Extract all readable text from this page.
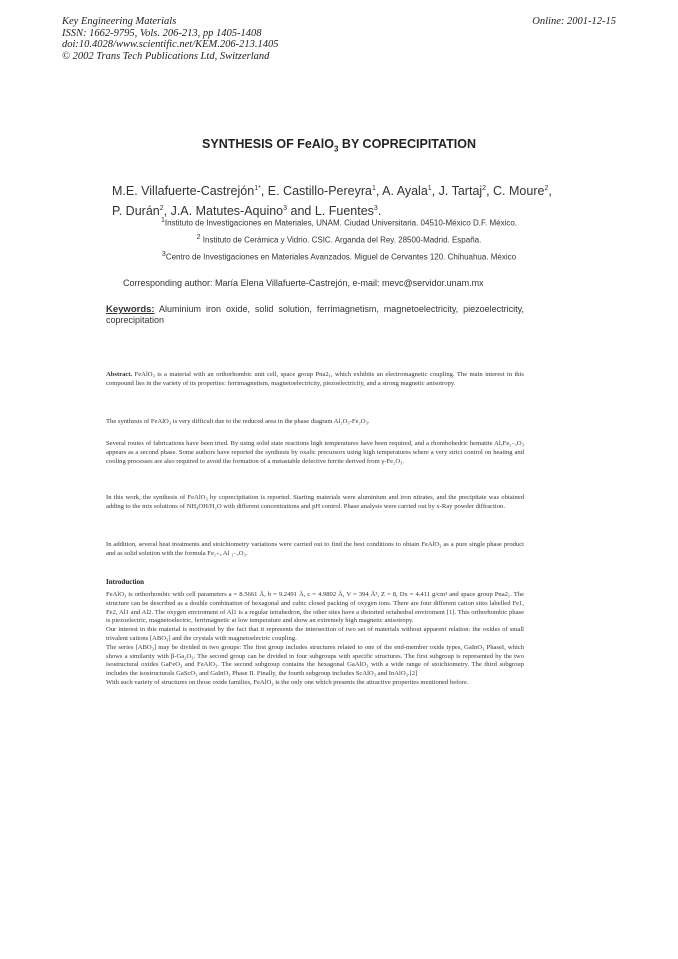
Key Engineering Materials
ISSN: 1662-9795, Vols. 206-213, pp 1405-1408
doi:10.4028/www.scientific.net/KEM.206-213.1405
© 2002 Trans Tech Publications Ltd, Switzerland
Online: 2001-12-15
SYNTHESIS OF FeAlO$_3$ BY COPRECIPITATION
M.E. Villafuerte-Castrejón$^{1*}$, E. Castillo-Pereyra$^1$, A. Ayala$^1$, J. Tartaj$^2$, C. Moure$^2$, P. Durán$^2$, J.A. Matutes-Aquino$^3$ and L. Fuentes$^3$.
$^1$Instituto de Investigaciones en Materiales, UNAM. Ciudad Universitaria. 04510-México D.F. México.
$^2$ Instituto de Cerámica y Vidrio. CSIC. Arganda del Rey. 28500-Madrid. España.
$^3$Centro de Investigaciones en Materiales Avanzados. Miguel de Cervantes 120. Chihuahua. México
Corresponding author: María Elena Villafuerte-Castrejón, e-mail: mevc@servidor.unam.mx
Keywords: Aluminium iron oxide, solid solution, ferrimagnetism, magnetoelectricity, piezoelectricity, coprecipitation

Abstract. FeAlO₃ is a material with an orthorhombic unit cell, space group Pna2₁, which exhibits an electromagnetic coupling. The main interest in this compound lies in the variety of its properties: ferrimagnetism, magnetoelectricity, piezoelectricity, and a strong magnetic anisotropy.

The synthesis of FeAlO₃ is very difficult due to the reduced area in the phase diagram Al₂O₃-Fe₂O₃.

Several routes of fabrications have been tried. By using solid state reactions high temperatures have been required, and a rhombohedric hematite AlₓFe₂₋ₓO₃ appears as a second phase. Some authors have reported the synthesis by oxalic precursors using high temperatures where a very strict control on heating and cooling processes are also required to avoid the formation of a metastable defective ferrite derived from γ-Fe₂O₃.

In this work, the synthesis of FeAlO₃ by coprecipitation is reported. Starting materials were aluminium and iron nitrates, and the precipitate was obtained adding to the mix solutions of NH₄OH/H₂O with different concentrations and pH control. Phase analysis were carried out by x-Ray powder diffraction.

In addition, several heat treatments and stoichiometry variations were carried out to find the best conditions to obtain FeAlO₃ as a pure single phase product and as solid solution with the formula Fe₁₊ₓ Al ₁₋ₓO₃.

Introduction

FeAlO₃ is orthorhombic with cell parameters a = 8.5661 Å, b = 9.2491 Å, c = 4.9892 Å, V = 394 Å³, Z = 8, Dx = 4.411 g/cm³ and space group Pna2₁. The structure can be described as a double combination of hexagonal and cubic closed packing of oxygen ions. There are four different cation sites labelled Fe1, Fe2, Al1 and Al2. The oxygen enviroment of Al1 is a regular tetrahedron, the other sites have a distorted octahedral enviroment [1]. This orthorhombic phase is piezoelectric, magnetoelectric, ferrimagnetic at low temperature and show an extremely high magnetic anisotropy.

Our interest in this material is motivated by the fact that it represents the intersection of two set of materials without apparent relation: the oxides of small trivalent cations [ABO₃] and the crystals with magnetoelectric coupling.

The series [ABO₃] may be divided in two groups: The first group includes structures related to one of the end-member oxide types, GaInO₃ PhaseI, which shows a similarity with β-Ga₂O₃. The second group can be divided in four subgroups with specific structures. The first subgroup is represented by the two isostructural oxides GaFeO₃ and FeAlO₃. The second subgroup contains the hexagonal GaAlO₃ with a wide range of stoichiometry. The third subgroup includes the isostructurals GaScO₃ and GaInO₃ Phase II. Finally, the fourth subgroup includes ScAlO₃ and InAlO₃.[2]

With such variety of structures on those oxide families, FeAlO₃ is the only one which presents the attractive properties mentioned before.
